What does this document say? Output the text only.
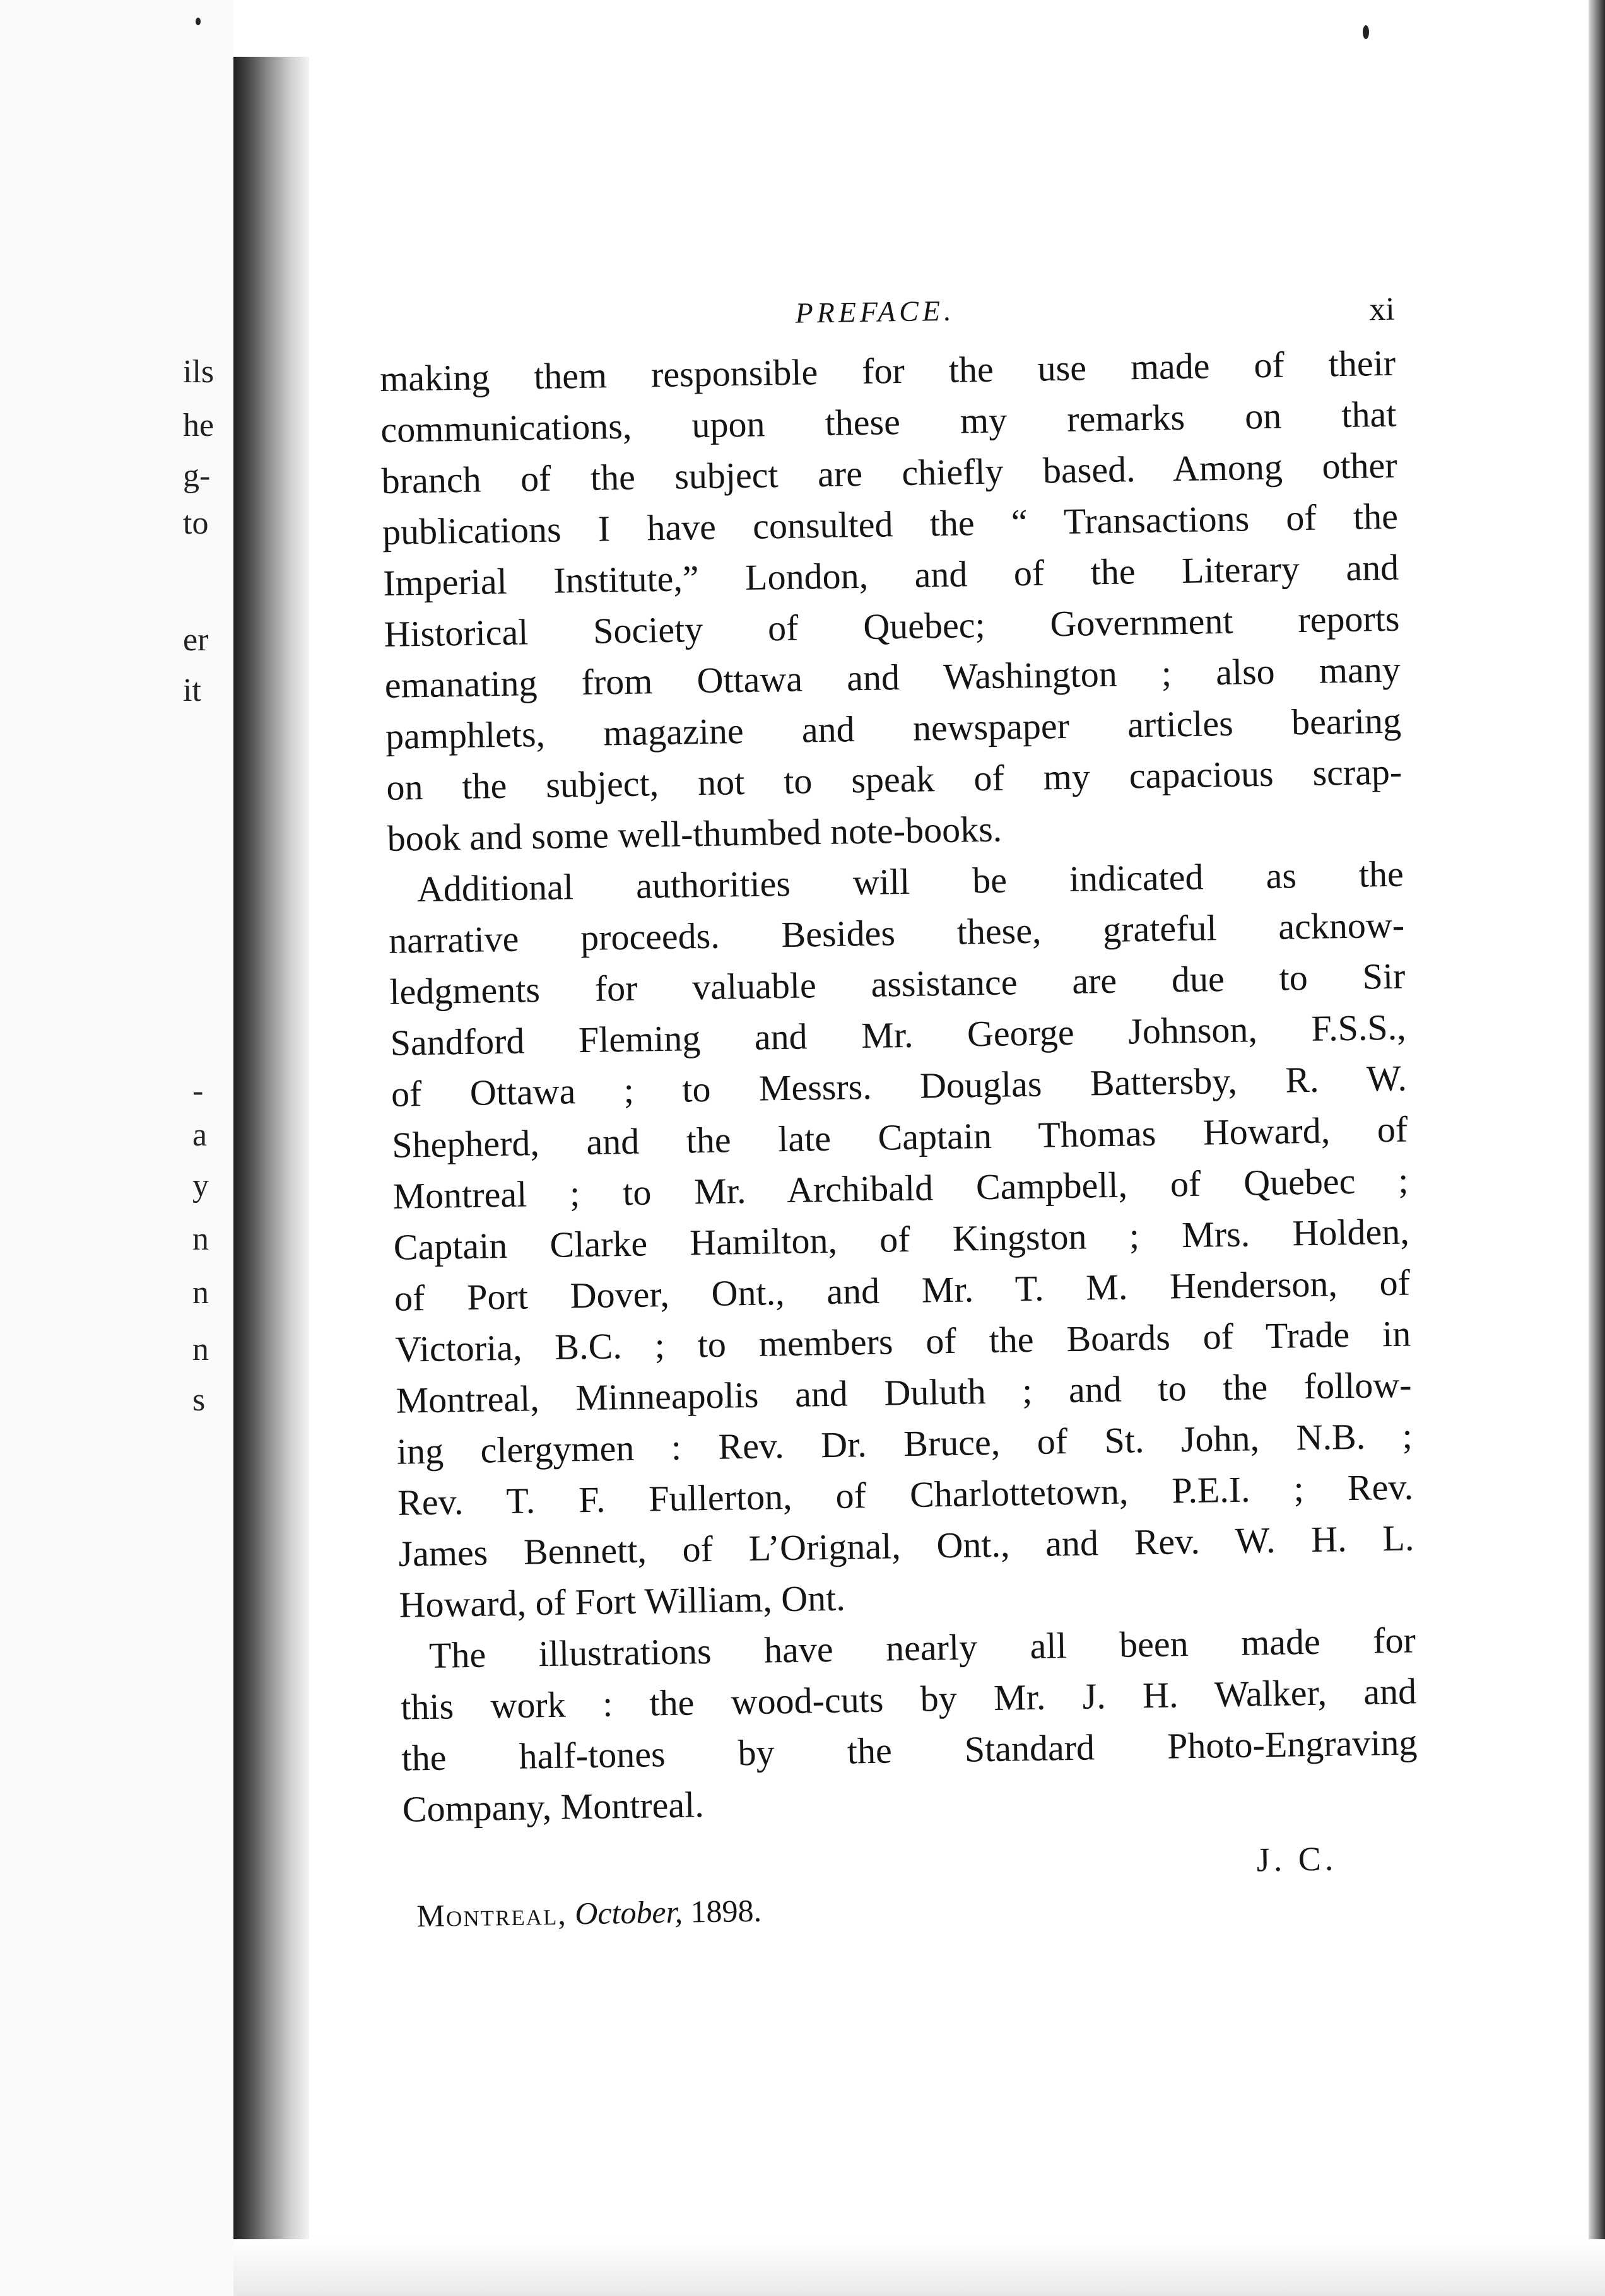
ils
he
g-
to
er
it
-
a
y
n
n
n
s
PREFACE.	xi
making them responsible for the use made of their
communications, upon these my remarks on that
branch of the subject are chiefly based. Among other
publications I have consulted the “ Transactions of the
Imperial Institute,” London, and of the Literary and
Historical Society of Quebec; Government reports
emanating from Ottawa and Washington ; also many
pamphlets, magazine and newspaper articles bearing
on the subject, not to speak of my capacious scrap-
book and some well-thumbed note-books.
Additional authorities will be indicated as the
narrative proceeds. Besides these, grateful acknow-
ledgments for valuable assistance are due to Sir
Sandford Fleming and Mr. George Johnson, F.S.S.,
of Ottawa ; to Messrs. Douglas Battersby, R. W.
Shepherd, and the late Captain Thomas Howard, of
Montreal ; to Mr. Archibald Campbell, of Quebec ;
Captain Clarke Hamilton, of Kingston ; Mrs. Holden,
of Port Dover, Ont., and Mr. T. M. Henderson, of
Victoria, B.C. ; to members of the Boards of Trade in
Montreal, Minneapolis and Duluth ; and to the follow-
ing clergymen : Rev. Dr. Bruce, of St. John, N.B. ;
Rev. T. F. Fullerton, of Charlottetown, P.E.I. ; Rev.
James Bennett, of L’Orignal, Ont., and Rev. W. H. L.
Howard, of Fort William, Ont.
The illustrations have nearly all been made for
this work : the wood-cuts by Mr. J. H. Walker, and
the half-tones by the Standard Photo-Engraving
Company, Montreal.
J. C.
Montreal, October, 1898.
